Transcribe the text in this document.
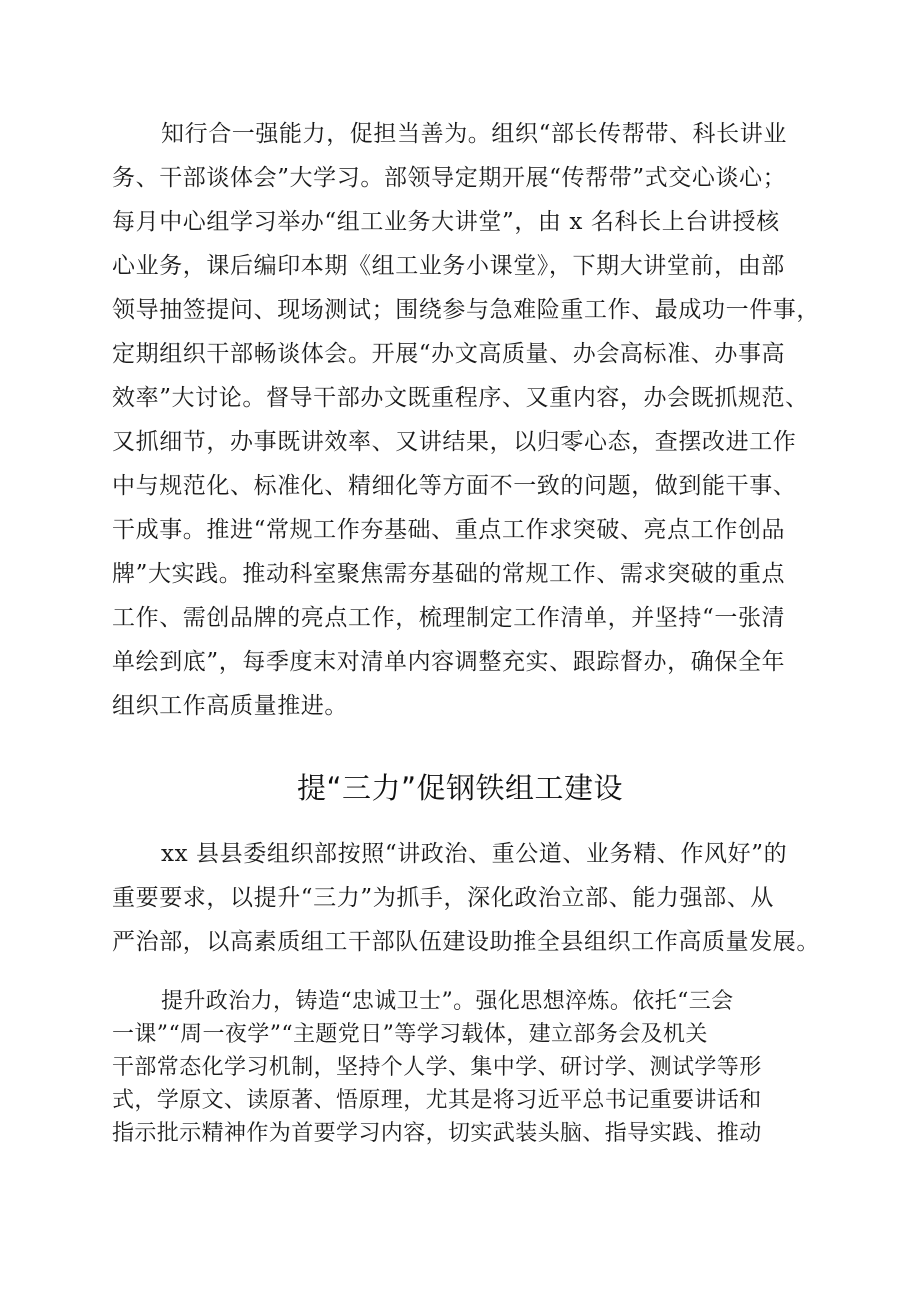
知行合一强能力，促担当善为。组织“部长传帮带、科长讲业
务、干部谈体会”大学习。部领导定期开展“传帮带”式交心谈心；
每月中心组学习举办“组工业务大讲堂”，由 x 名科长上台讲授核
心业务，课后编印本期《组工业务小课堂》，下期大讲堂前，由部
领导抽签提问、现场测试；围绕参与急难险重工作、最成功一件事，
定期组织干部畅谈体会。开展“办文高质量、办会高标准、办事高
效率”大讨论。督导干部办文既重程序、又重内容，办会既抓规范、
又抓细节，办事既讲效率、又讲结果，以归零心态，查摆改进工作
中与规范化、标准化、精细化等方面不一致的问题，做到能干事、
干成事。推进“常规工作夯基础、重点工作求突破、亮点工作创品
牌”大实践。推动科室聚焦需夯基础的常规工作、需求突破的重点
工作、需创品牌的亮点工作，梳理制定工作清单，并坚持“一张清
单绘到底”，每季度末对清单内容调整充实、跟踪督办，确保全年
组织工作高质量推进。
提“三力”促钢铁组工建设
xx 县县委组织部按照“讲政治、重公道、业务精、作风好”的
重要要求，以提升“三力”为抓手，深化政治立部、能力强部、从
严治部，以高素质组工干部队伍建设助推全县组织工作高质量发展。
提升政治力，铸造“忠诚卫士”。强化思想淬炼。依托“三会
一课”“周一夜学”“主题党日”等学习载体，建立部务会及机关
干部常态化学习机制，坚持个人学、集中学、研讨学、测试学等形
式，学原文、读原著、悟原理，尤其是将习近平总书记重要讲话和
指示批示精神作为首要学习内容，切实武装头脑、指导实践、推动
